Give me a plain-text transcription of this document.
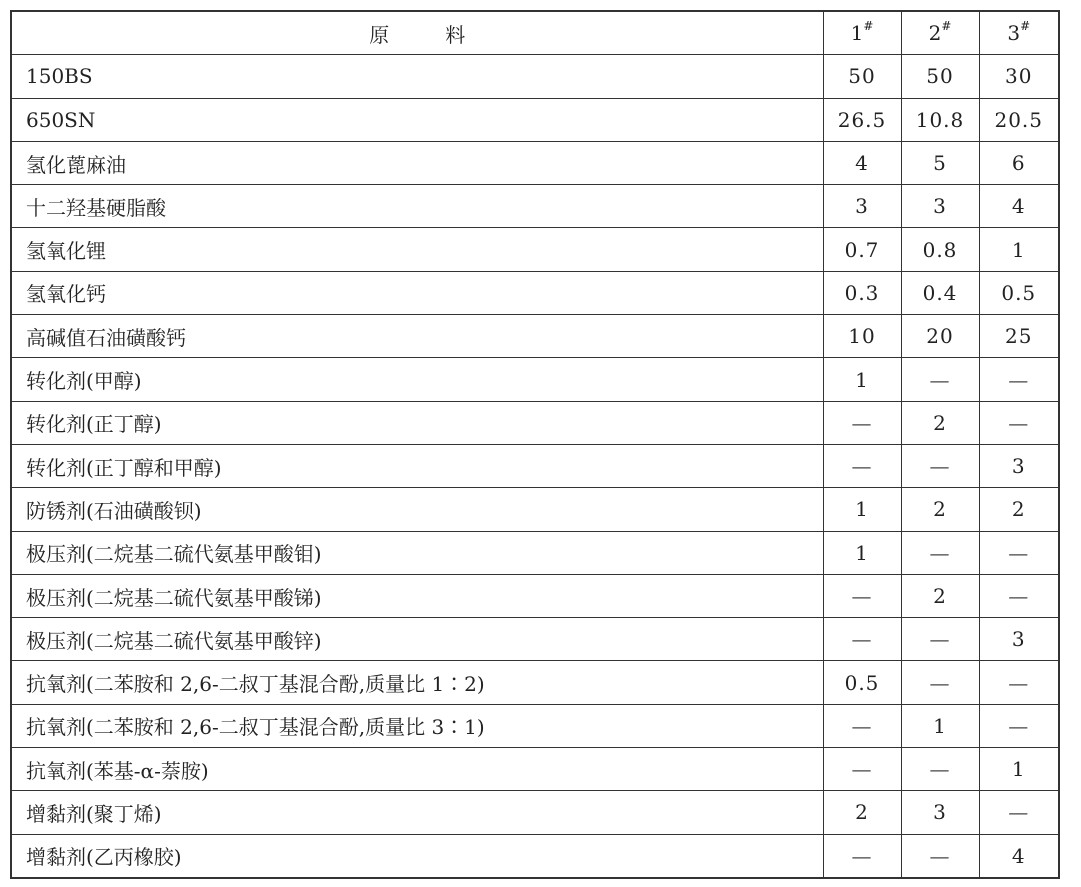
原料	1#	2#	3#
150BS	50	50	30
650SN	26.5	10.8	20.5
氢化蓖麻油	4	5	6
十二羟基硬脂酸	3	3	4
氢氧化锂	0.7	0.8	1
氢氧化钙	0.3	0.4	0.5
高碱值石油磺酸钙	10	20	25
转化剂(甲醇)	1	—	—
转化剂(正丁醇)	—	2	—
转化剂(正丁醇和甲醇)	—	—	3
防锈剂(石油磺酸钡)	1	2	2
极压剂(二烷基二硫代氨基甲酸钼)	1	—	—
极压剂(二烷基二硫代氨基甲酸锑)	—	2	—
极压剂(二烷基二硫代氨基甲酸锌)	—	—	3
抗氧剂(二苯胺和 2,6-二叔丁基混合酚,质量比 1∶2)	0.5	—	—
抗氧剂(二苯胺和 2,6-二叔丁基混合酚,质量比 3∶1)	—	1	—
抗氧剂(苯基-α-萘胺)	—	—	1
增黏剂(聚丁烯)	2	3	—
增黏剂(乙丙橡胶)	—	—	4
